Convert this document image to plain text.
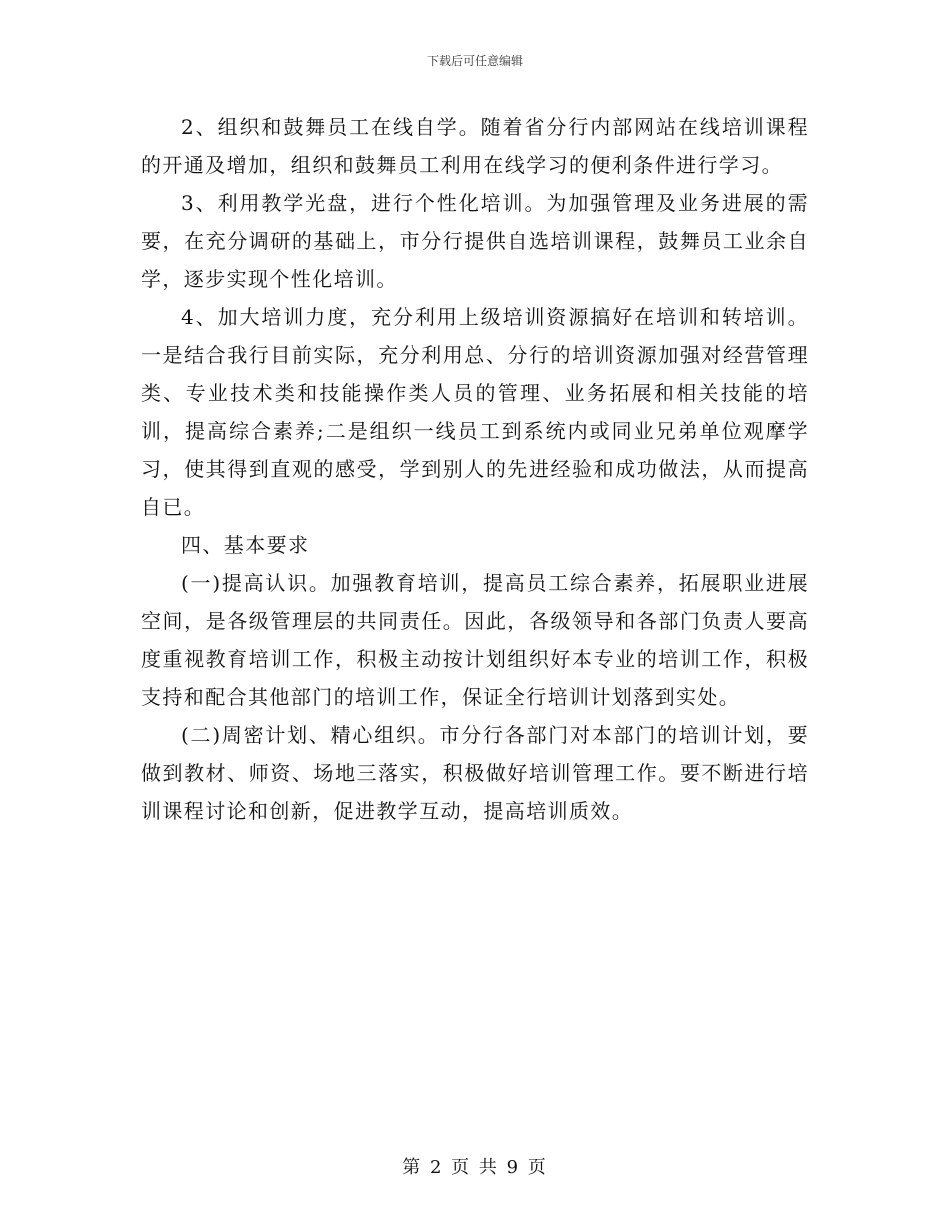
下载后可任意编辑

2、组织和鼓舞员工在线自学。随着省分行内部网站在线培训课程的开通及增加，组织和鼓舞员工利用在线学习的便利条件进行学习。

3、利用教学光盘，进行个性化培训。为加强管理及业务进展的需要，在充分调研的基础上，市分行提供自选培训课程，鼓舞员工业余自学，逐步实现个性化培训。

4、加大培训力度，充分利用上级培训资源搞好在培训和转培训。一是结合我行目前实际，充分利用总、分行的培训资源加强对经营管理类、专业技术类和技能操作类人员的管理、业务拓展和相关技能的培训，提高综合素养;二是组织一线员工到系统内或同业兄弟单位观摩学习，使其得到直观的感受，学到别人的先进经验和成功做法，从而提高自已。

四、基本要求

(一)提高认识。加强教育培训，提高员工综合素养，拓展职业进展空间，是各级管理层的共同责任。因此，各级领导和各部门负责人要高度重视教育培训工作，积极主动按计划组织好本专业的培训工作，积极支持和配合其他部门的培训工作，保证全行培训计划落到实处。

(二)周密计划、精心组织。市分行各部门对本部门的培训计划，要做到教材、师资、场地三落实，积极做好培训管理工作。要不断进行培训课程讨论和创新，促进教学互动，提高培训质效。

第 2 页 共 9 页
